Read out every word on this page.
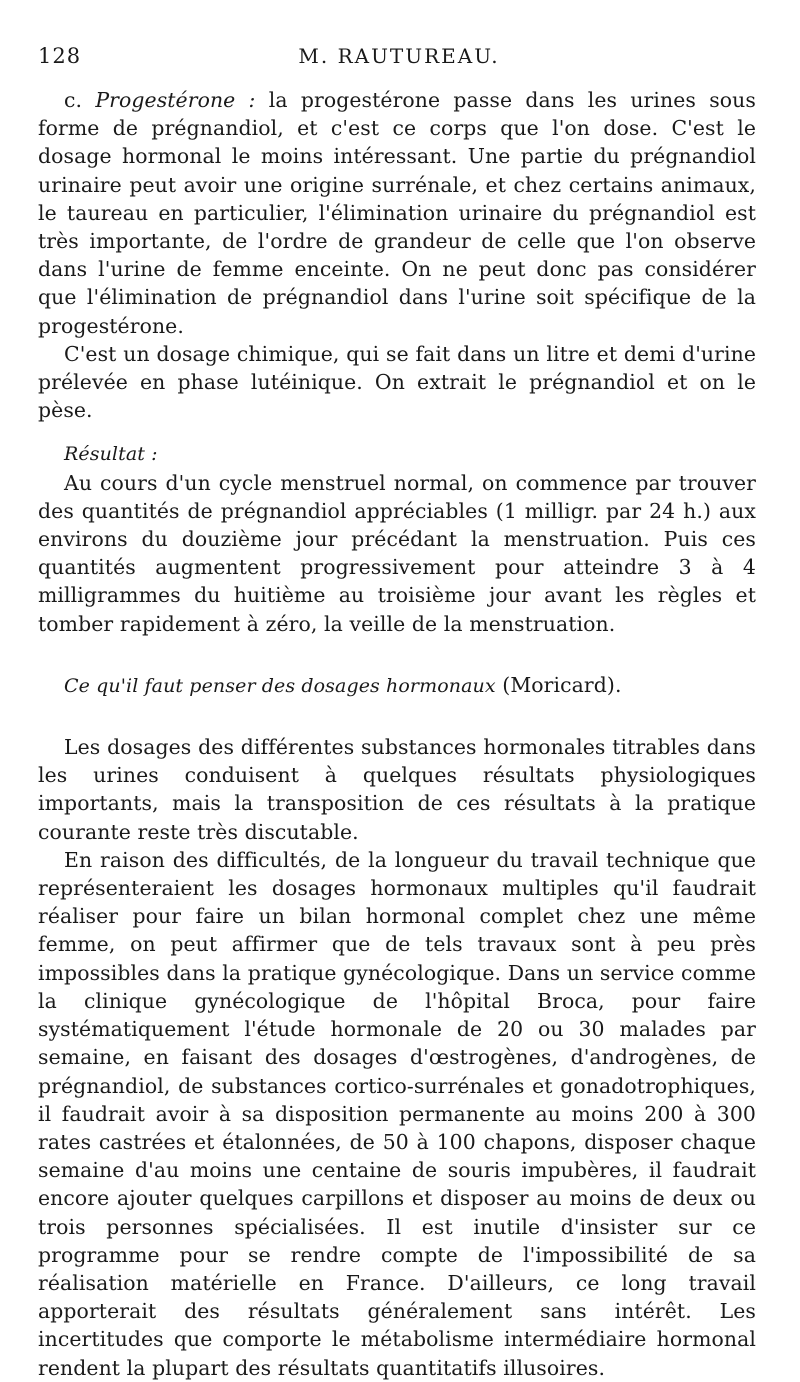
128	M. RAUTUREAU.

c. Progestérone : la progestérone passe dans les urines sous forme de prégnandiol, et c'est ce corps que l'on dose. C'est le dosage hormonal le moins intéressant. Une partie du prégnandiol urinaire peut avoir une origine surrénale, et chez certains animaux, le taureau en particulier, l'élimination urinaire du prégnandiol est très importante, de l'ordre de grandeur de celle que l'on observe dans l'urine de femme enceinte. On ne peut donc pas considérer que l'élimination de prégnandiol dans l'urine soit spécifique de la progestérone.

C'est un dosage chimique, qui se fait dans un litre et demi d'urine prélevée en phase lutéinique. On extrait le prégnandiol et on le pèse.

Résultat :

Au cours d'un cycle menstruel normal, on commence par trouver des quantités de prégnandiol appréciables (1 milligr. par 24 h.) aux environs du douzième jour précédant la menstruation. Puis ces quantités augmentent progressivement pour atteindre 3 à 4 milligrammes du huitième au troisième jour avant les règles et tomber rapidement à zéro, la veille de la menstruation.

Ce qu'il faut penser des dosages hormonaux (Moricard).

Les dosages des différentes substances hormonales titrables dans les urines conduisent à quelques résultats physiologiques importants, mais la transposition de ces résultats à la pratique courante reste très discutable.

En raison des difficultés, de la longueur du travail technique que représenteraient les dosages hormonaux multiples qu'il faudrait réaliser pour faire un bilan hormonal complet chez une même femme, on peut affirmer que de tels travaux sont à peu près impossibles dans la pratique gynécologique. Dans un service comme la clinique gynécologique de l'hôpital Broca, pour faire systématiquement l'étude hormonale de 20 ou 30 malades par semaine, en faisant des dosages d'œstrogènes, d'androgènes, de prégnandiol, de substances cortico-surrénales et gonadotrophiques, il faudrait avoir à sa disposition permanente au moins 200 à 300 rates castrées et étalonnées, de 50 à 100 chapons, disposer chaque semaine d'au moins une centaine de souris impubères, il faudrait encore ajouter quelques carpillons et disposer au moins de deux ou trois personnes spécialisées. Il est inutile d'insister sur ce programme pour se rendre compte de l'impossibilité de sa réalisation matérielle en France. D'ailleurs, ce long travail apporterait des résultats généralement sans intérêt. Les incertitudes que comporte le métabolisme intermédiaire hormonal rendent la plupart des résultats quantitatifs illusoires.
